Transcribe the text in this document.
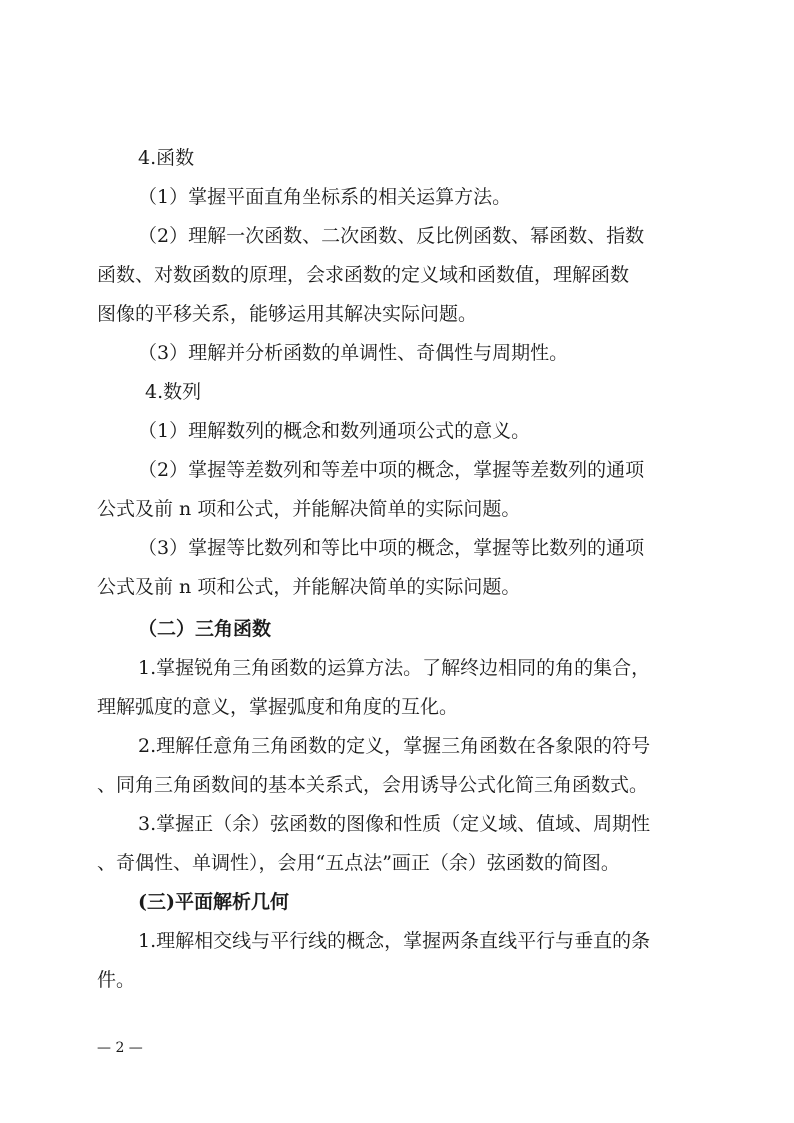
4.函数
（1）掌握平面直角坐标系的相关运算方法。
（2）理解一次函数、二次函数、反比例函数、幂函数、指数
函数、对数函数的原理，会求函数的定义域和函数值，理解函数
图像的平移关系，能够运用其解决实际问题。
（3）理解并分析函数的单调性、奇偶性与周期性。
4.数列
（1）理解数列的概念和数列通项公式的意义。
（2）掌握等差数列和等差中项的概念，掌握等差数列的通项
公式及前 n 项和公式，并能解决简单的实际问题。
（3）掌握等比数列和等比中项的概念，掌握等比数列的通项
公式及前 n 项和公式，并能解决简单的实际问题。
（二）三角函数
1.掌握锐角三角函数的运算方法。了解终边相同的角的集合，
理解弧度的意义，掌握弧度和角度的互化。
2.理解任意角三角函数的定义，掌握三角函数在各象限的符号
、同角三角函数间的基本关系式，会用诱导公式化简三角函数式。
3.掌握正（余）弦函数的图像和性质（定义域、值域、周期性
、奇偶性、单调性），会用“五点法”画正（余）弦函数的简图。
(三)平面解析几何
1.理解相交线与平行线的概念，掌握两条直线平行与垂直的条
件。
— 2 —
